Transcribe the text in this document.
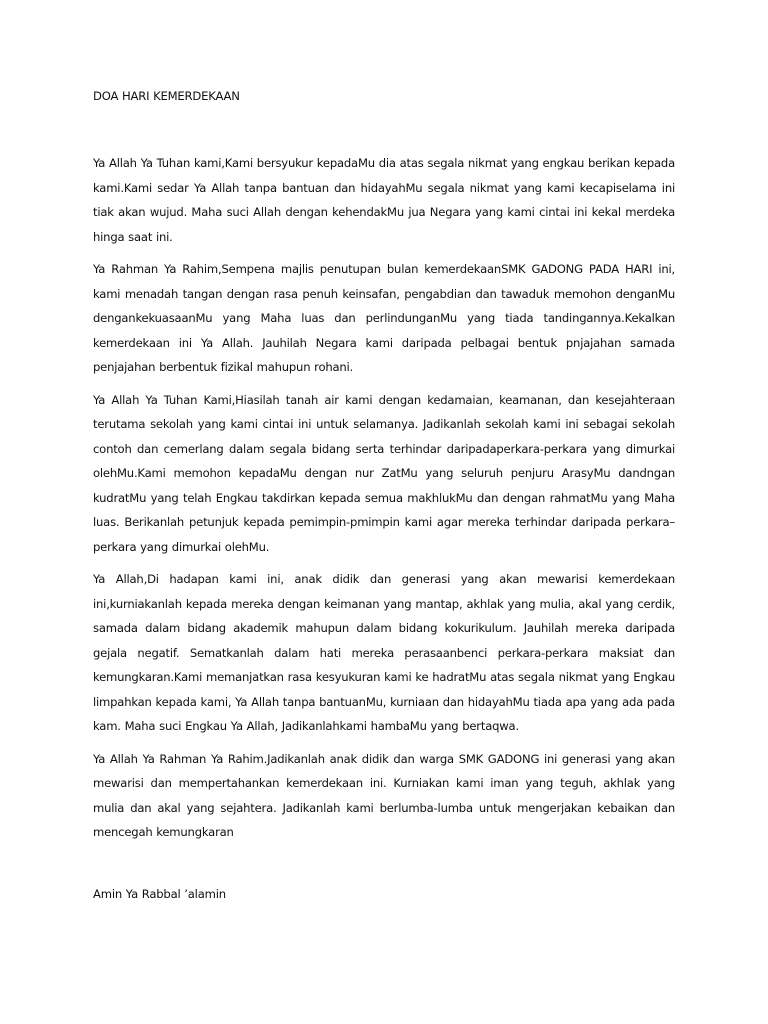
DOA HARI KEMERDEKAAN

Ya Allah Ya Tuhan kami,Kami bersyukur kepadaMu dia atas segala nikmat yang engkau berikan kepada kami.Kami sedar Ya Allah tanpa bantuan dan hidayahMu segala nikmat yang kami kecapiselama ini tiak akan wujud. Maha suci Allah dengan kehendakMu jua Negara yang kami cintai ini kekal merdeka hinga saat ini.

Ya Rahman Ya Rahim,Sempena majlis penutupan bulan kemerdekaanSMK GADONG PADA HARI ini, kami menadah tangan dengan rasa penuh keinsafan, pengabdian dan tawaduk memohon denganMu dengankekuasaanMu yang Maha luas dan perlindunganMu yang tiada tandingannya.Kekalkan kemerdekaan ini Ya Allah. Jauhilah Negara kami daripada pelbagai bentuk pnjajahan samada penjajahan berbentuk fizikal mahupun rohani.

Ya Allah Ya Tuhan Kami,Hiasilah tanah air kami dengan kedamaian, keamanan, dan kesejahteraan terutama sekolah yang kami cintai ini untuk selamanya. Jadikanlah sekolah kami ini sebagai sekolah contoh dan cemerlang dalam segala bidang serta terhindar daripadaperkara-perkara yang dimurkai olehMu.Kami memohon kepadaMu dengan nur ZatMu yang seluruh penjuru ArasyMu dandngan kudratMu yang telah Engkau takdirkan kepada semua makhlukMu dan dengan rahmatMu yang Maha luas. Berikanlah petunjuk kepada pemimpin-pmimpin kami agar mereka terhindar daripada perkara– perkara yang dimurkai olehMu.

Ya Allah,Di hadapan kami ini, anak didik dan generasi yang akan mewarisi kemerdekaan ini,kurniakanlah kepada mereka dengan keimanan yang mantap, akhlak yang mulia, akal yang cerdik, samada dalam bidang akademik mahupun dalam bidang kokurikulum. Jauhilah mereka daripada gejala negatif. Sematkanlah dalam hati mereka perasaanbenci perkara-perkara maksiat dan kemungkaran.Kami memanjatkan rasa kesyukuran kami ke hadratMu atas segala nikmat yang Engkau limpahkan kepada kami, Ya Allah tanpa bantuanMu, kurniaan dan hidayahMu tiada apa yang ada pada kam. Maha suci Engkau Ya Allah, Jadikanlahkami hambaMu yang bertaqwa.

Ya Allah Ya Rahman Ya Rahim.Jadikanlah anak didik dan warga SMK GADONG ini generasi yang akan mewarisi dan mempertahankan kemerdekaan ini. Kurniakan kami iman yang teguh, akhlak yang mulia dan akal yang sejahtera. Jadikanlah kami berlumba-lumba untuk mengerjakan kebaikan dan mencegah kemungkaran

Amin Ya Rabbal ’alamin
